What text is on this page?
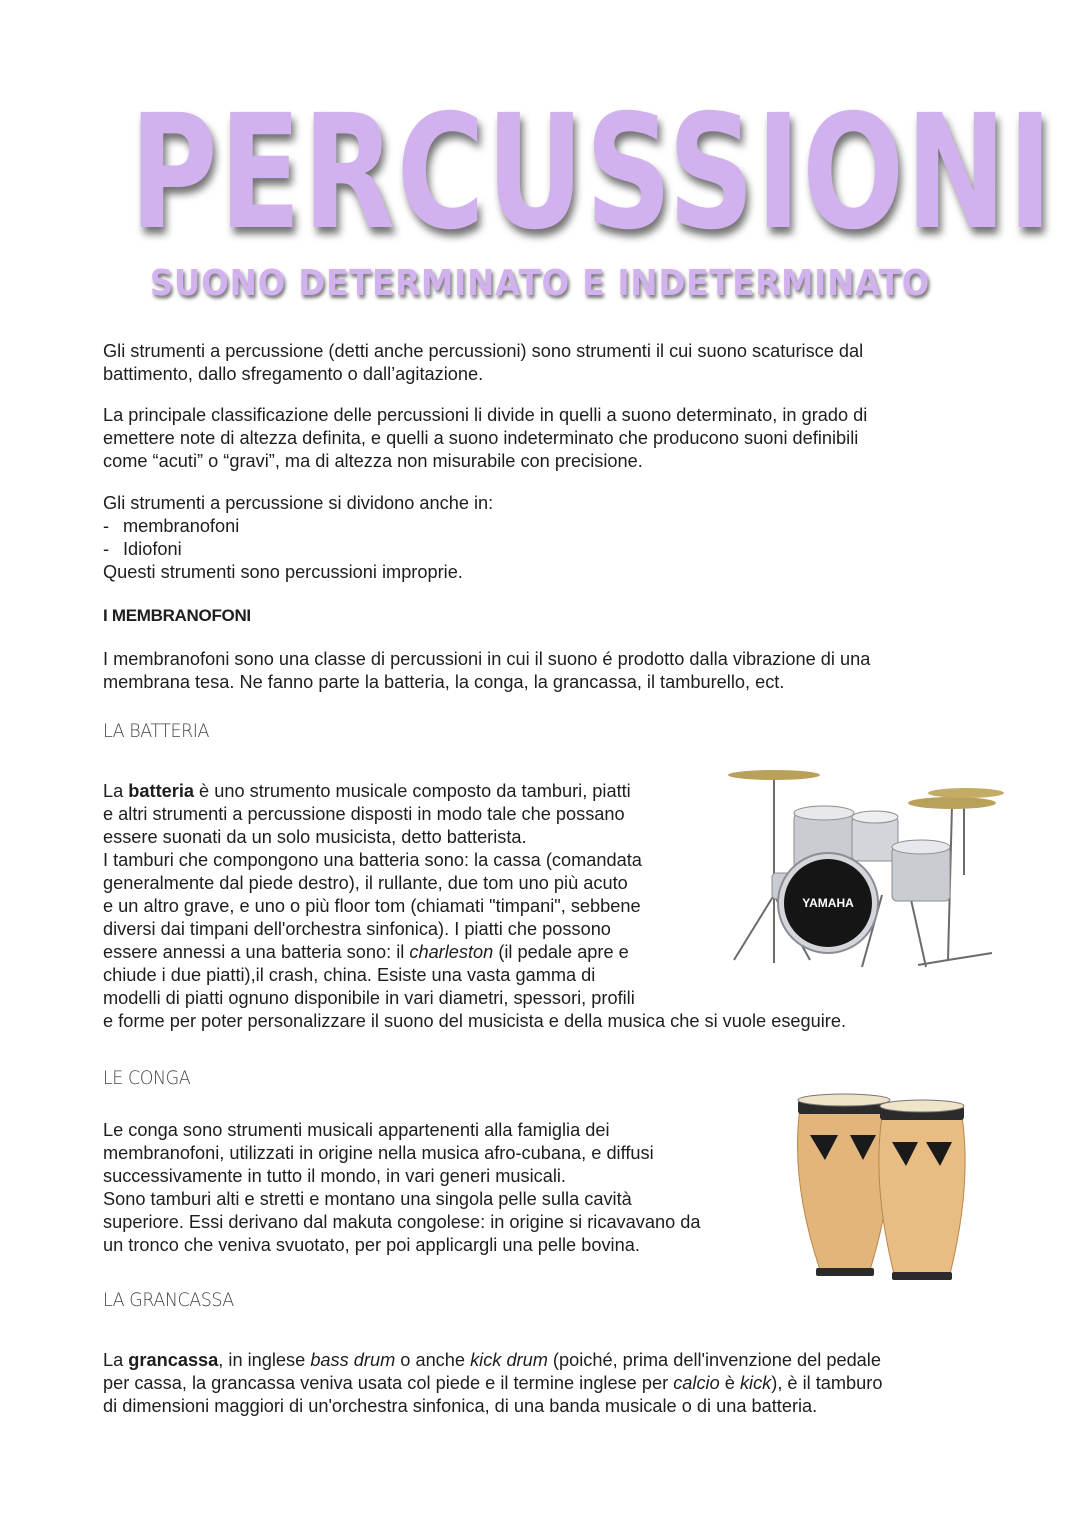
PERCUSSIONI
SUONO DETERMINATO E INDETERMINATO

Gli strumenti a percussione (detti anche percussioni) sono strumenti il cui suono scaturisce dal
battimento, dallo sfregamento o dall’agitazione.

La principale classificazione delle percussioni li divide in quelli a suono determinato, in grado di
emettere note di altezza definita, e quelli a suono indeterminato che producono suoni definibili
come “acuti” o “gravi”, ma di altezza non misurabile con precisione.

Gli strumenti a percussione si dividono anche in:
- membranofoni
- Idiofoni
Questi strumenti sono percussioni improprie.
I MEMBRANOFONI

I membranofoni sono una classe di percussioni in cui il suono é prodotto dalla vibrazione di una
membrana tesa. Ne fanno parte la batteria, la conga, la grancassa, il tamburello, ect.

LA BATTERIA

La batteria è uno strumento musicale composto da tamburi, piatti
e altri strumenti a percussione disposti in modo tale che possano
essere suonati da un solo musicista, detto batterista.
I tamburi che compongono una batteria sono: la cassa (comandata
generalmente dal piede destro), il rullante, due tom uno più acuto
e un altro grave, e uno o più floor tom (chiamati "timpani", sebbene
diversi dai timpani dell'orchestra sinfonica). I piatti che possono
essere annessi a una batteria sono: il charleston (il pedale apre e
chiude i due piatti),il crash, china. Esiste una vasta gamma di
modelli di piatti ognuno disponibile in vari diametri, spessori, profili
e forme per poter personalizzare il suono del musicista e della musica che si vuole eseguire.

YAMAHA
LE CONGA

Le conga sono strumenti musicali appartenenti alla famiglia dei
membranofoni, utilizzati in origine nella musica afro-cubana, e diffusi
successivamente in tutto il mondo, in vari generi musicali.
Sono tamburi alti e stretti e montano una singola pelle sulla cavità
superiore. Essi derivano dal makuta congolese: in origine si ricavavano da
un tronco che veniva svuotato, per poi applicargli una pelle bovina.

LA GRANCASSA

La grancassa, in inglese bass drum o anche kick drum (poiché, prima dell'invenzione del pedale
per cassa, la grancassa veniva usata col piede e il termine inglese per calcio è kick), è il tamburo
di dimensioni maggiori di un'orchestra sinfonica, di una banda musicale o di una batteria.
